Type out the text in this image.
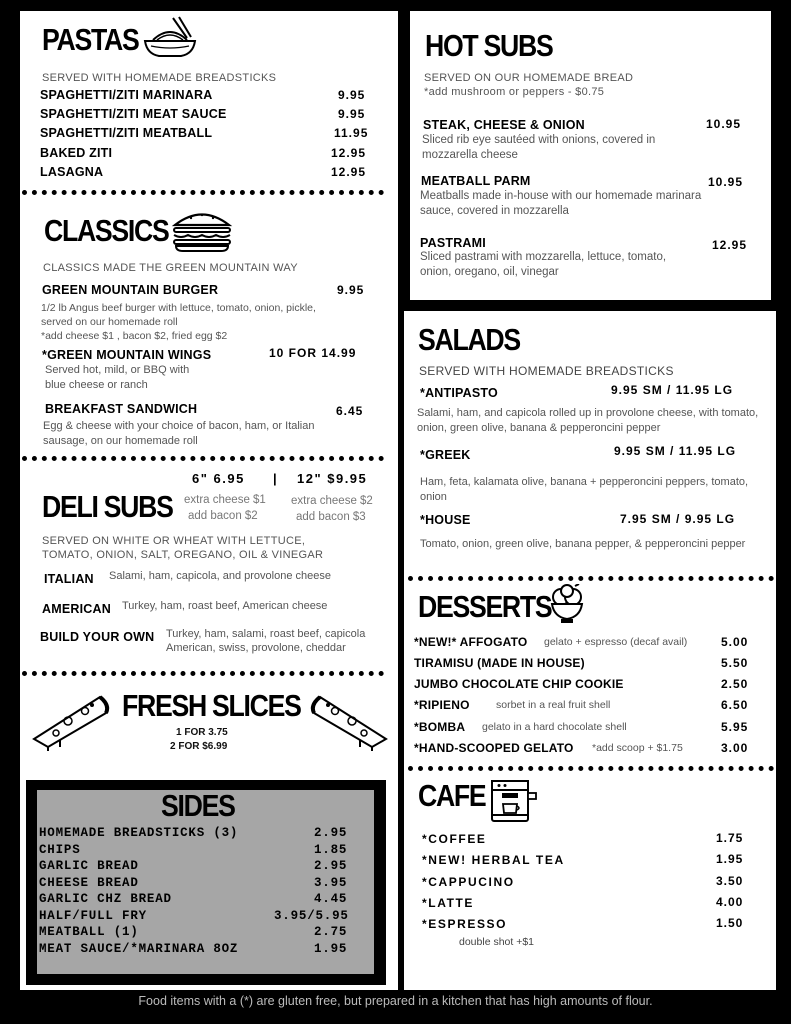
PASTAS
SERVED WITH HOMEMADE BREADSTICKS
SPAGHETTI/ZITI MARINARA	9.95
SPAGHETTI/ZITI MEAT SAUCE	9.95
SPAGHETTI/ZITI MEATBALL	11.95
BAKED ZITI	12.95
LASAGNA	12.95
CLASSICS
CLASSICS MADE THE GREEN MOUNTAIN WAY
GREEN MOUNTAIN BURGER	9.95
1/2 lb Angus beef burger with lettuce, tomato, onion, pickle, served on our homemade roll
*add cheese $1 , bacon $2, fried egg $2
*GREEN MOUNTAIN WINGS	10 FOR 14.99
Served hot, mild, or BBQ with blue cheese or ranch
BREAKFAST SANDWICH	6.45
Egg & cheese with your choice of bacon, ham, or Italian sausage, on our homemade roll
6" 6.95 | 12" $9.95
DELI SUBS extra cheese $1
add bacon $2
extra cheese $2
add bacon $3
SERVED ON WHITE OR WHEAT WITH LETTUCE,
TOMATO, ONION, SALT, OREGANO, OIL & VINEGAR
ITALIAN Salami, ham, capicola, and provolone cheese
AMERICAN Turkey, ham, roast beef, American cheese
BUILD YOUR OWN Turkey, ham, salami, roast beef, capicola
American, swiss, provolone, cheddar
FRESH SLICES
1 FOR 3.75
2 FOR $6.99
SIDES
HOMEMADE BREADSTICKS (3)	2.95
CHIPS	1.85
GARLIC BREAD	2.95
CHEESE BREAD	3.95
GARLIC CHZ BREAD	4.45
HALF/FULL FRY	3.95/5.95
MEATBALL (1)	2.75
MEAT SAUCE/*MARINARA 8OZ	1.95
HOT SUBS
SERVED ON OUR HOMEMADE BREAD
*add mushroom or peppers - $0.75
STEAK, CHEESE & ONION	10.95
Sliced rib eye sautéed with onions, covered in mozzarella cheese
MEATBALL PARM	10.95
Meatballs made in-house with our homemade marinara sauce, covered in mozzarella
PASTRAMI	12.95
Sliced pastrami with mozzarella, lettuce, tomato, onion, oregano, oil, vinegar
SALADS
SERVED WITH HOMEMADE BREADSTICKS
*ANTIPASTO	9.95 SM / 11.95 LG
Salami, ham, and capicola rolled up in provolone cheese, with tomato, onion, green olive, banana & pepperoncini pepper
*GREEK	9.95 SM / 11.95 LG
Ham, feta, kalamata olive, banana + pepperoncini peppers, tomato, onion
*HOUSE	7.95 SM / 9.95 LG
Tomato, onion, green olive, banana pepper, & pepperoncini pepper
DESSERTS
*NEW!* AFFOGATO gelato + espresso (decaf avail)	5.00
TIRAMISU (MADE IN HOUSE)	5.50
JUMBO CHOCOLATE CHIP COOKIE	2.50
*RIPIENO	sorbet in a real fruit shell	6.50
*BOMBA gelato in a hard chocolate shell	5.95
*HAND-SCOOPED GELATO *add scoop + $1.75	3.00
CAFE
*COFFEE	1.75
*NEW! HERBAL TEA	1.95
*CAPPUCINO	3.50
*LATTE	4.00
*ESPRESSO	1.50
double shot +$1
Food items with a (*) are gluten free, but prepared in a kitchen that has high amounts of flour.
